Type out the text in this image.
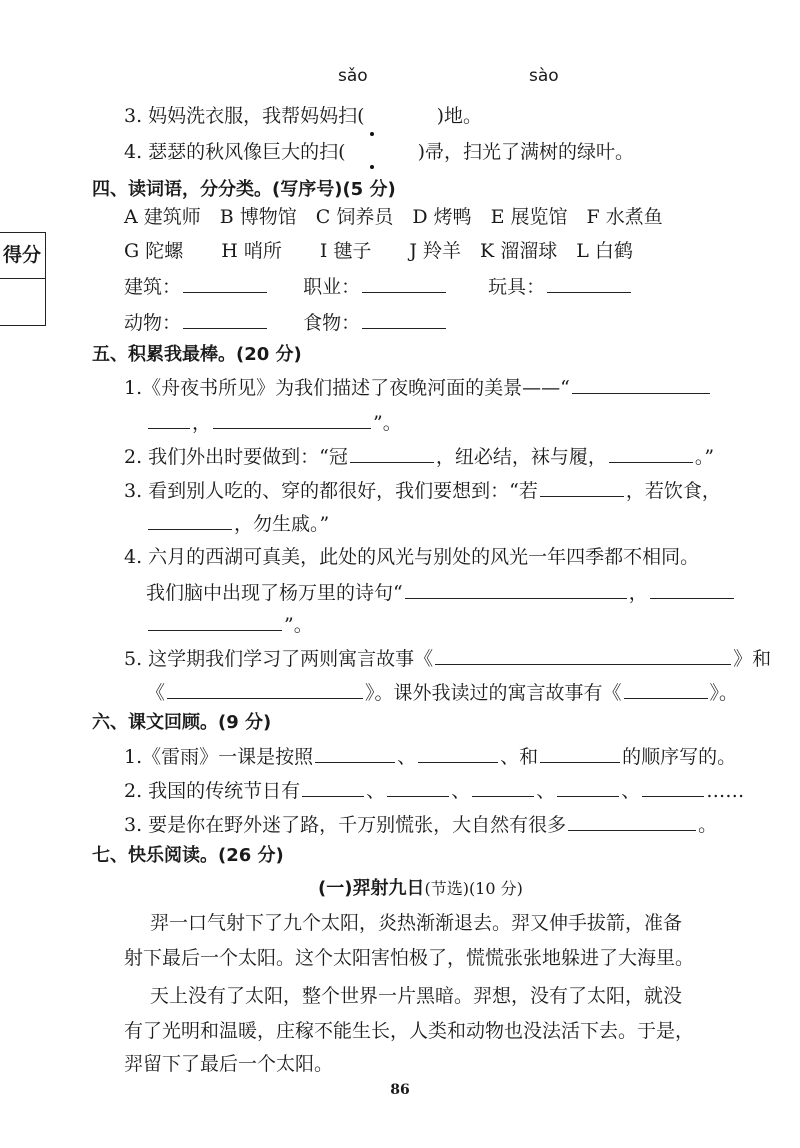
sǎo	sào
3. 妈妈洗衣服，我帮妈妈扫(	)地。
4. 瑟瑟的秋风像巨大的扫(	)帚，扫光了满树的绿叶。
四、读词语，分分类。(写序号)(5 分)
A 建筑师　B 博物馆　C 饲养员　D 烤鸭　E 展览馆　F 水煮鱼
G 陀螺　　H 哨所　　I 毽子　　J 羚羊　K 溜溜球　L 白鹤
建筑：	职业：	玩具：
动物：	食物：
得分
五、积累我最棒。(20 分)
1.《舟夜书所见》为我们描述了夜晚河面的美景——“
，	”。
2. 我们外出时要做到：“冠	，纽必结，袜与履，	。”
3. 看到别人吃的、穿的都很好，我们要想到：“若	，若饮食，
，勿生戚。”
4. 六月的西湖可真美，此处的风光与别处的风光一年四季都不相同。
我们脑中出现了杨万里的诗句“	，
”。
5. 这学期我们学习了两则寓言故事《	》和
《	》。课外我读过的寓言故事有《	》。
六、课文回顾。(9 分)
1.《雷雨》一课是按照	、	、和	的顺序写的。
2. 我国的传统节日有	、	、	、	、	……
3. 要是你在野外迷了路，千万别慌张，大自然有很多	。
七、快乐阅读。(26 分)
(一)羿射九日(节选)(10 分)
羿一口气射下了九个太阳，炎热渐渐退去。羿又伸手拔箭，准备
射下最后一个太阳。这个太阳害怕极了，慌慌张张地躲进了大海里。
天上没有了太阳，整个世界一片黑暗。羿想，没有了太阳，就没
有了光明和温暖，庄稼不能生长，人类和动物也没法活下去。于是，
羿留下了最后一个太阳。
86
